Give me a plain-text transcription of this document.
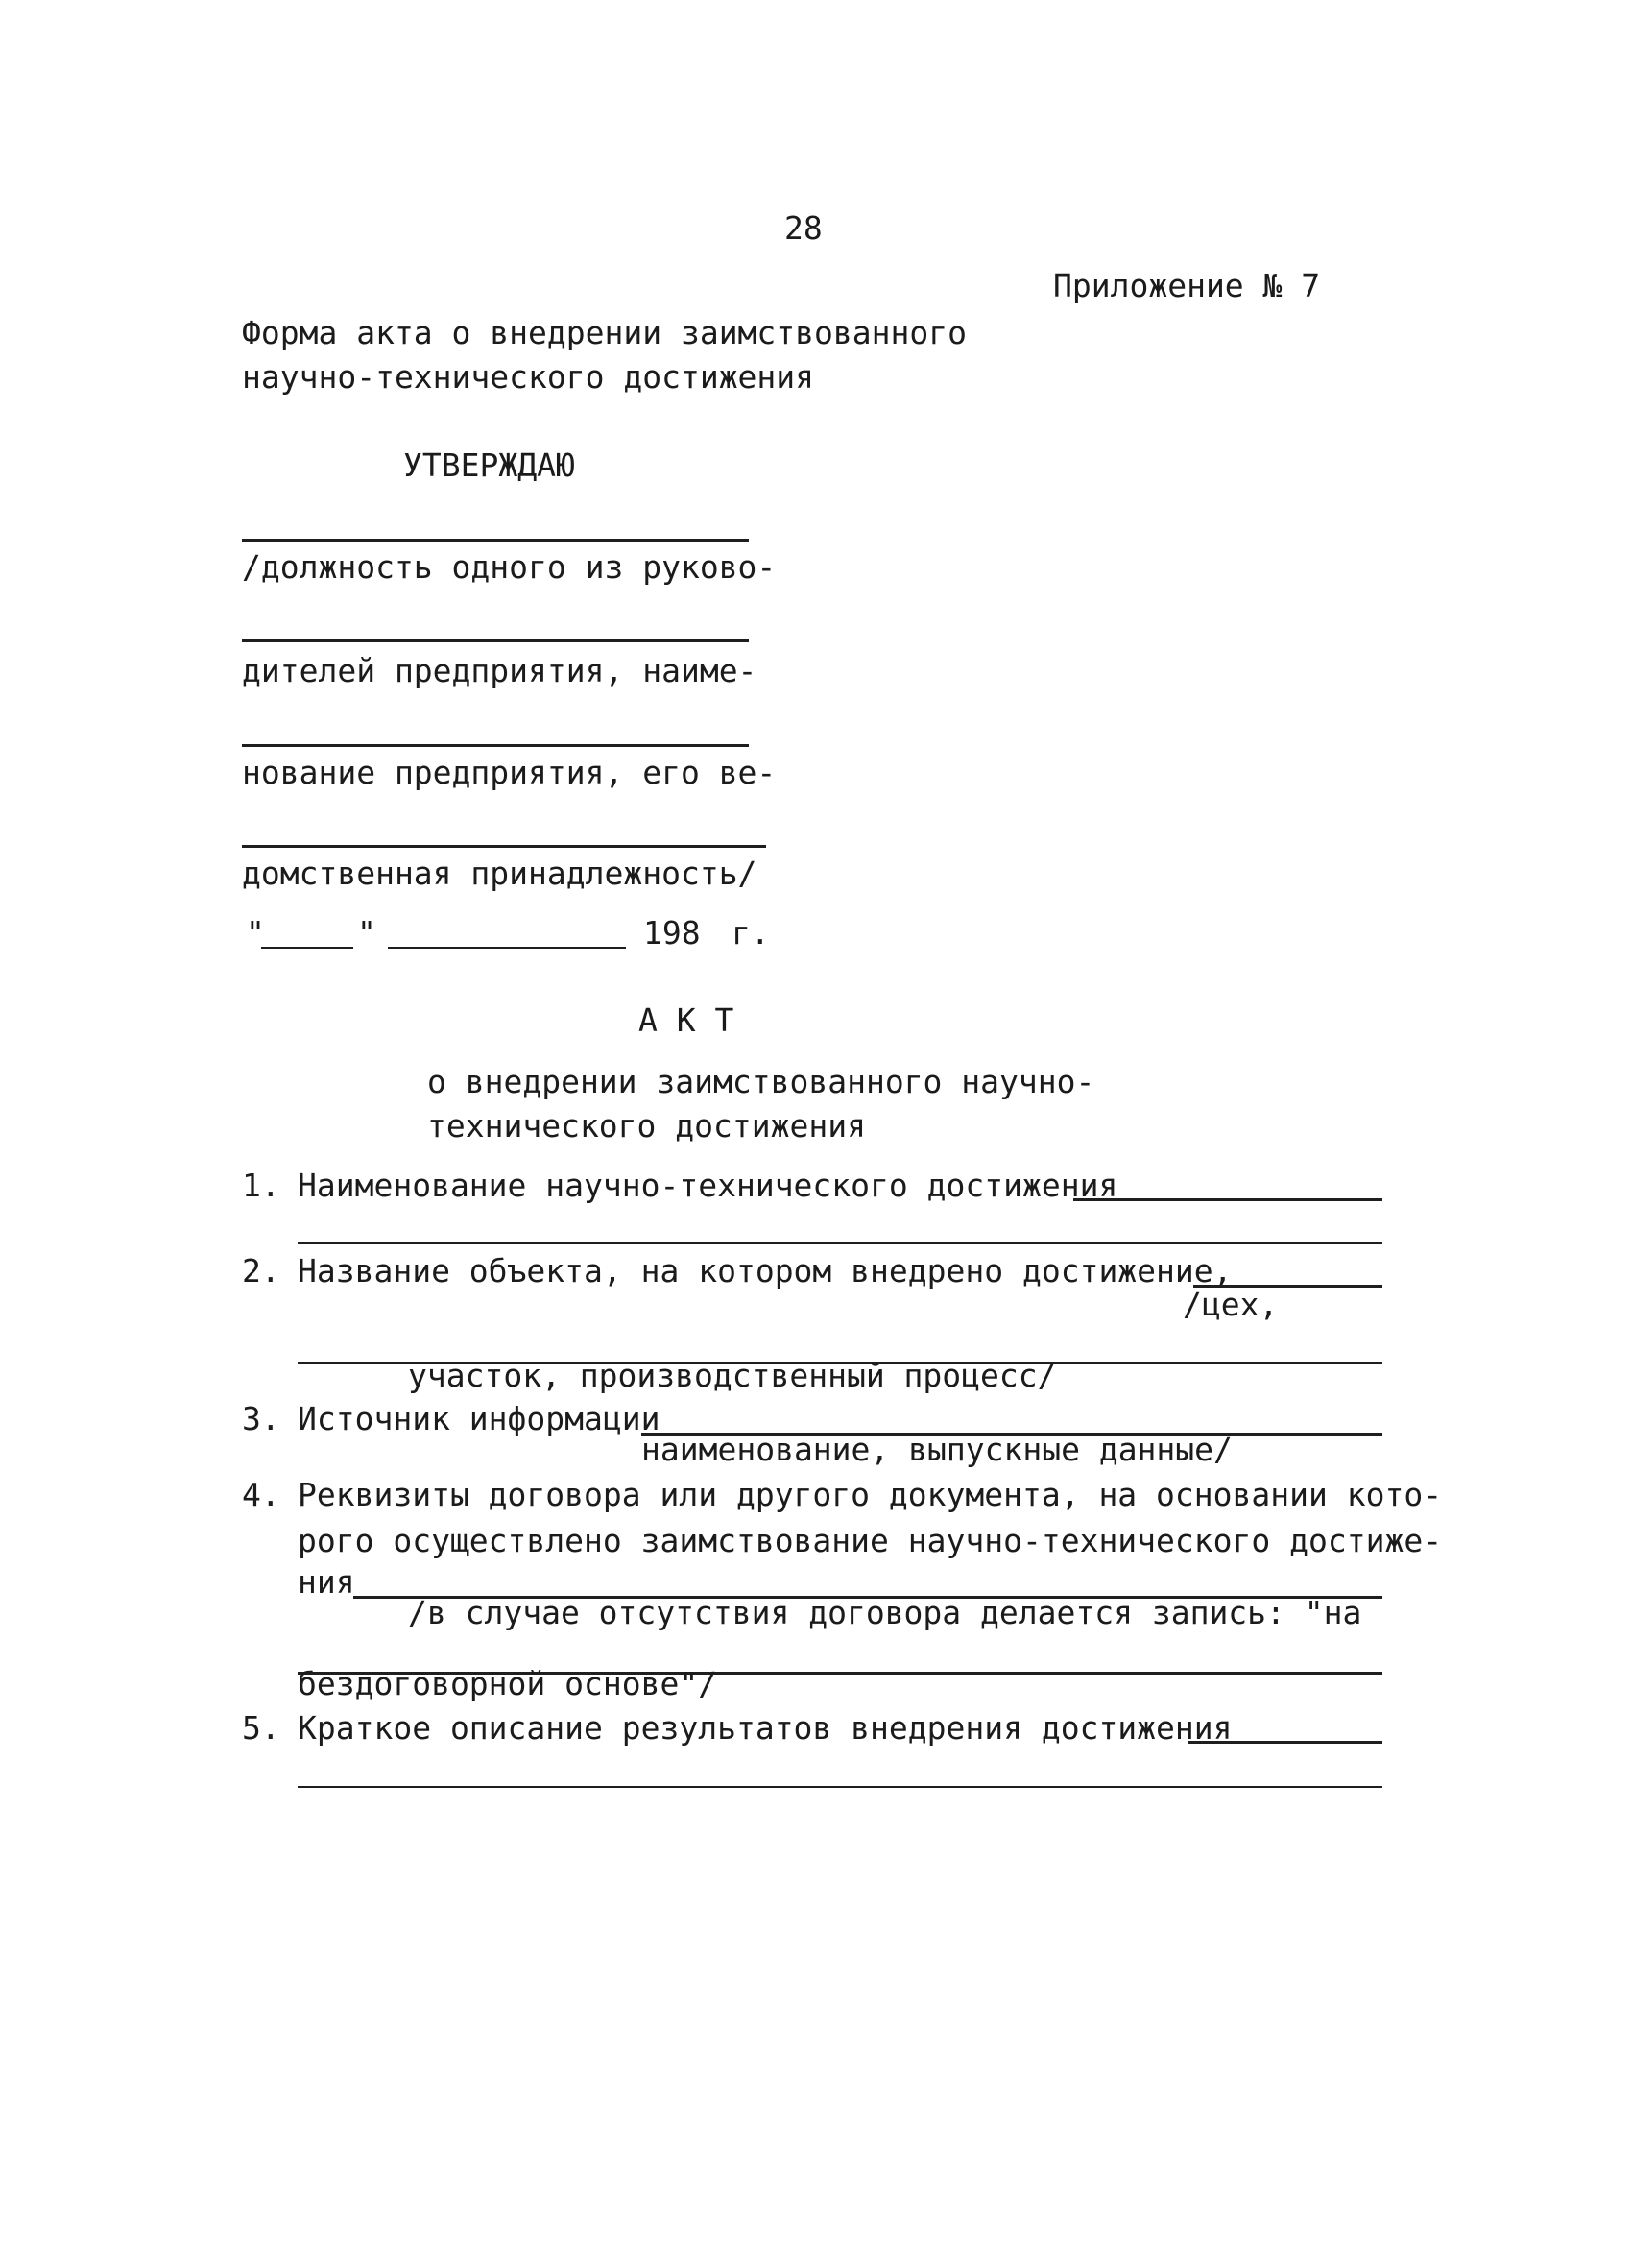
28
Приложение № 7
Форма акта о внедрении заимствованного
научно-технического достижения
УТВЕРЖДАЮ
/должность одного из руково-
дителей предприятия, наиме-
нование предприятия, его ве-
домственная принадлежность/
"	"	198 г.
А К Т
о внедрении заимствованного научно-
технического достижения
1. Наименование научно-технического достижения
2. Название объекта, на котором внедрено достижение,
/цех,
участок, производственный процесс/
3. Источник информации
наименование, выпускные данные/
4. Реквизиты договора или другого документа, на основании кото-
рого осуществлено заимствование научно-технического достиже-
ния
/в случае отсутствия договора делается запись: "на
бездоговорной основе"/
5. Краткое описание результатов внедрения достижения
